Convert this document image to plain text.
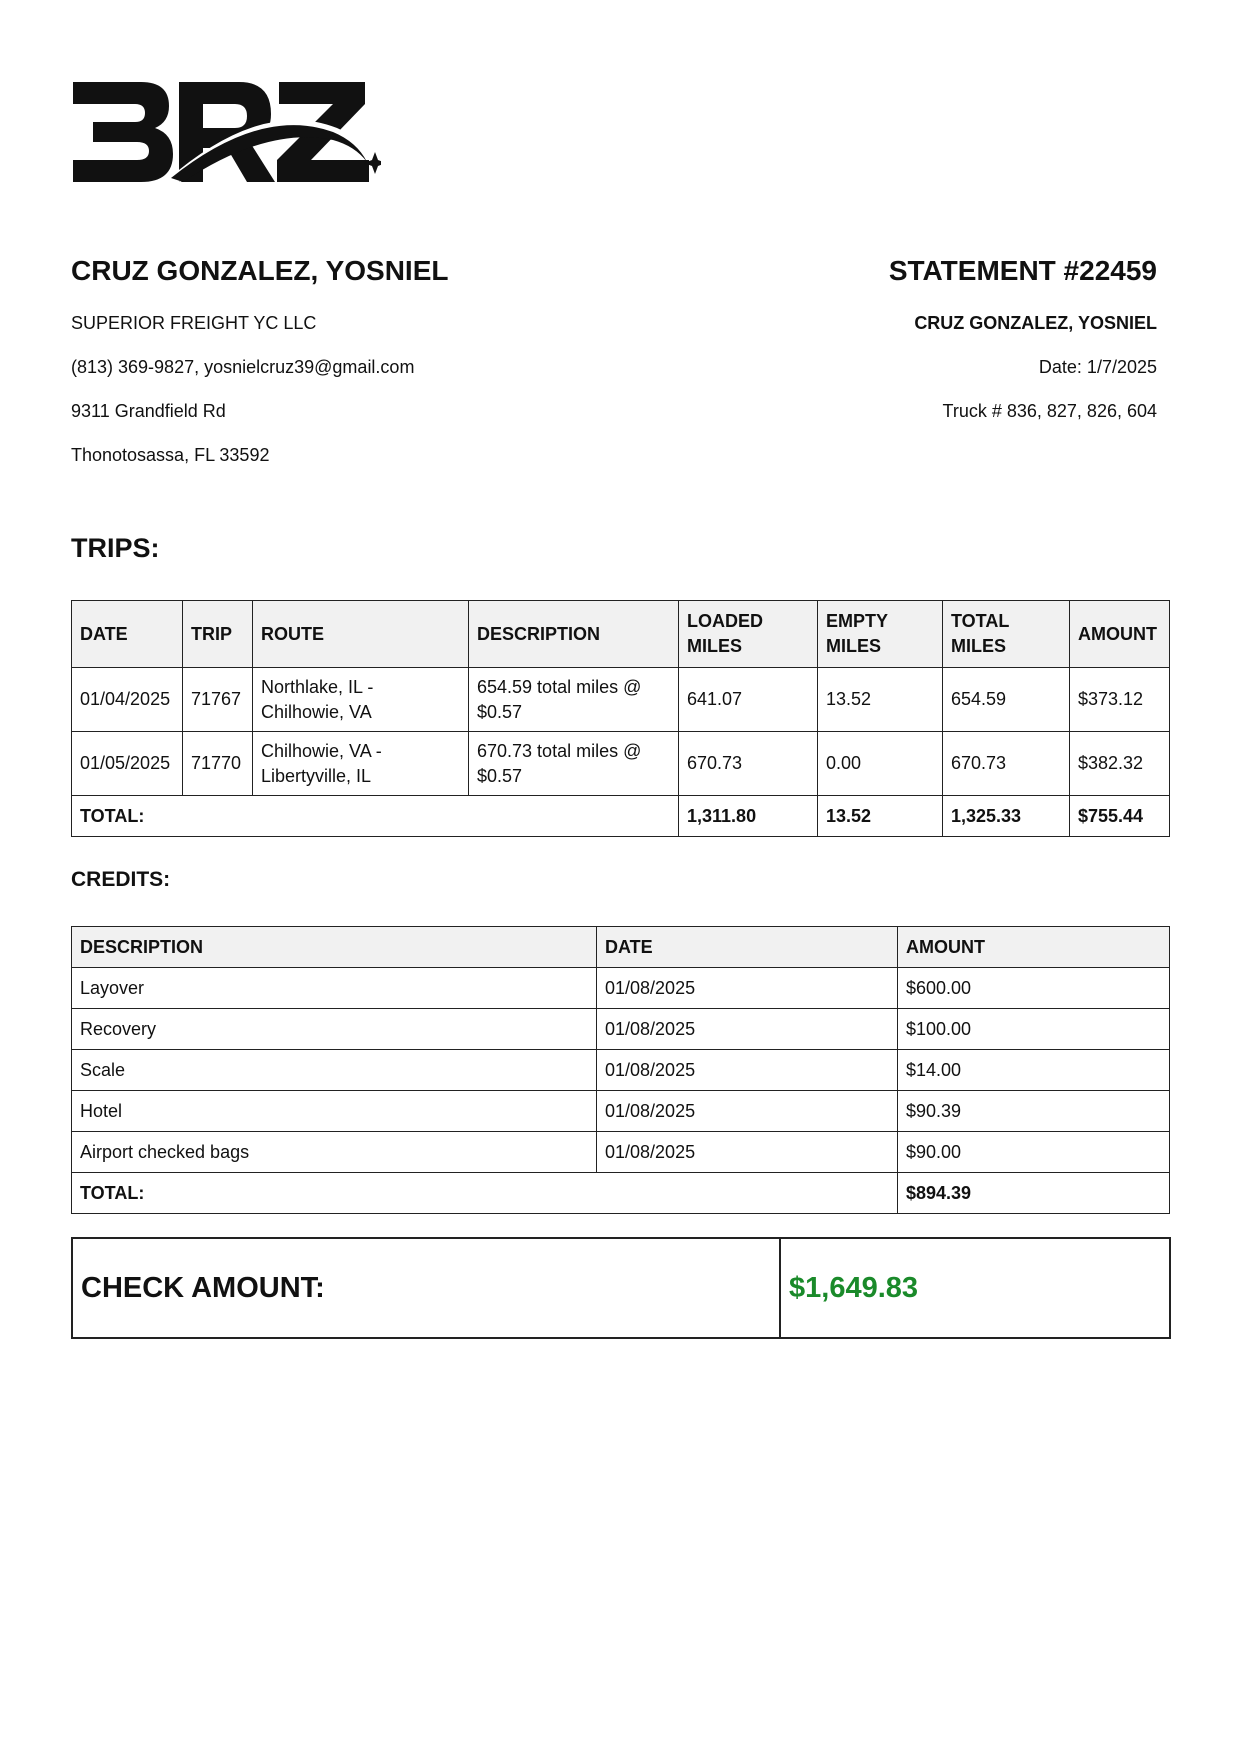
CRUZ GONZALEZ, YOSNIEL
SUPERIOR FREIGHT YC LLC
(813) 369-9827, yosnielcruz39@gmail.com
9311 Grandfield Rd
Thonotosassa, FL 33592
STATEMENT #22459
CRUZ GONZALEZ, YOSNIEL
Date: 1/7/2025
Truck # 836, 827, 826, 604
TRIPS:
DATE	TRIP	ROUTE	DESCRIPTION	LOADED MILES	EMPTY MILES	TOTAL MILES	AMOUNT
01/04/2025	71767	Northlake, IL - Chilhowie, VA	654.59 total miles @ $0.57	641.07	13.52	654.59	$373.12
01/05/2025	71770	Chilhowie, VA - Libertyville, IL	670.73 total miles @ $0.57	670.73	0.00	670.73	$382.32
TOTAL:				1,311.80	13.52	1,325.33	$755.44
CREDITS:
DESCRIPTION	DATE	AMOUNT
Layover	01/08/2025	$600.00
Recovery	01/08/2025	$100.00
Scale	01/08/2025	$14.00
Hotel	01/08/2025	$90.39
Airport checked bags	01/08/2025	$90.00
TOTAL:		$894.39
CHECK AMOUNT:	$1,649.83
